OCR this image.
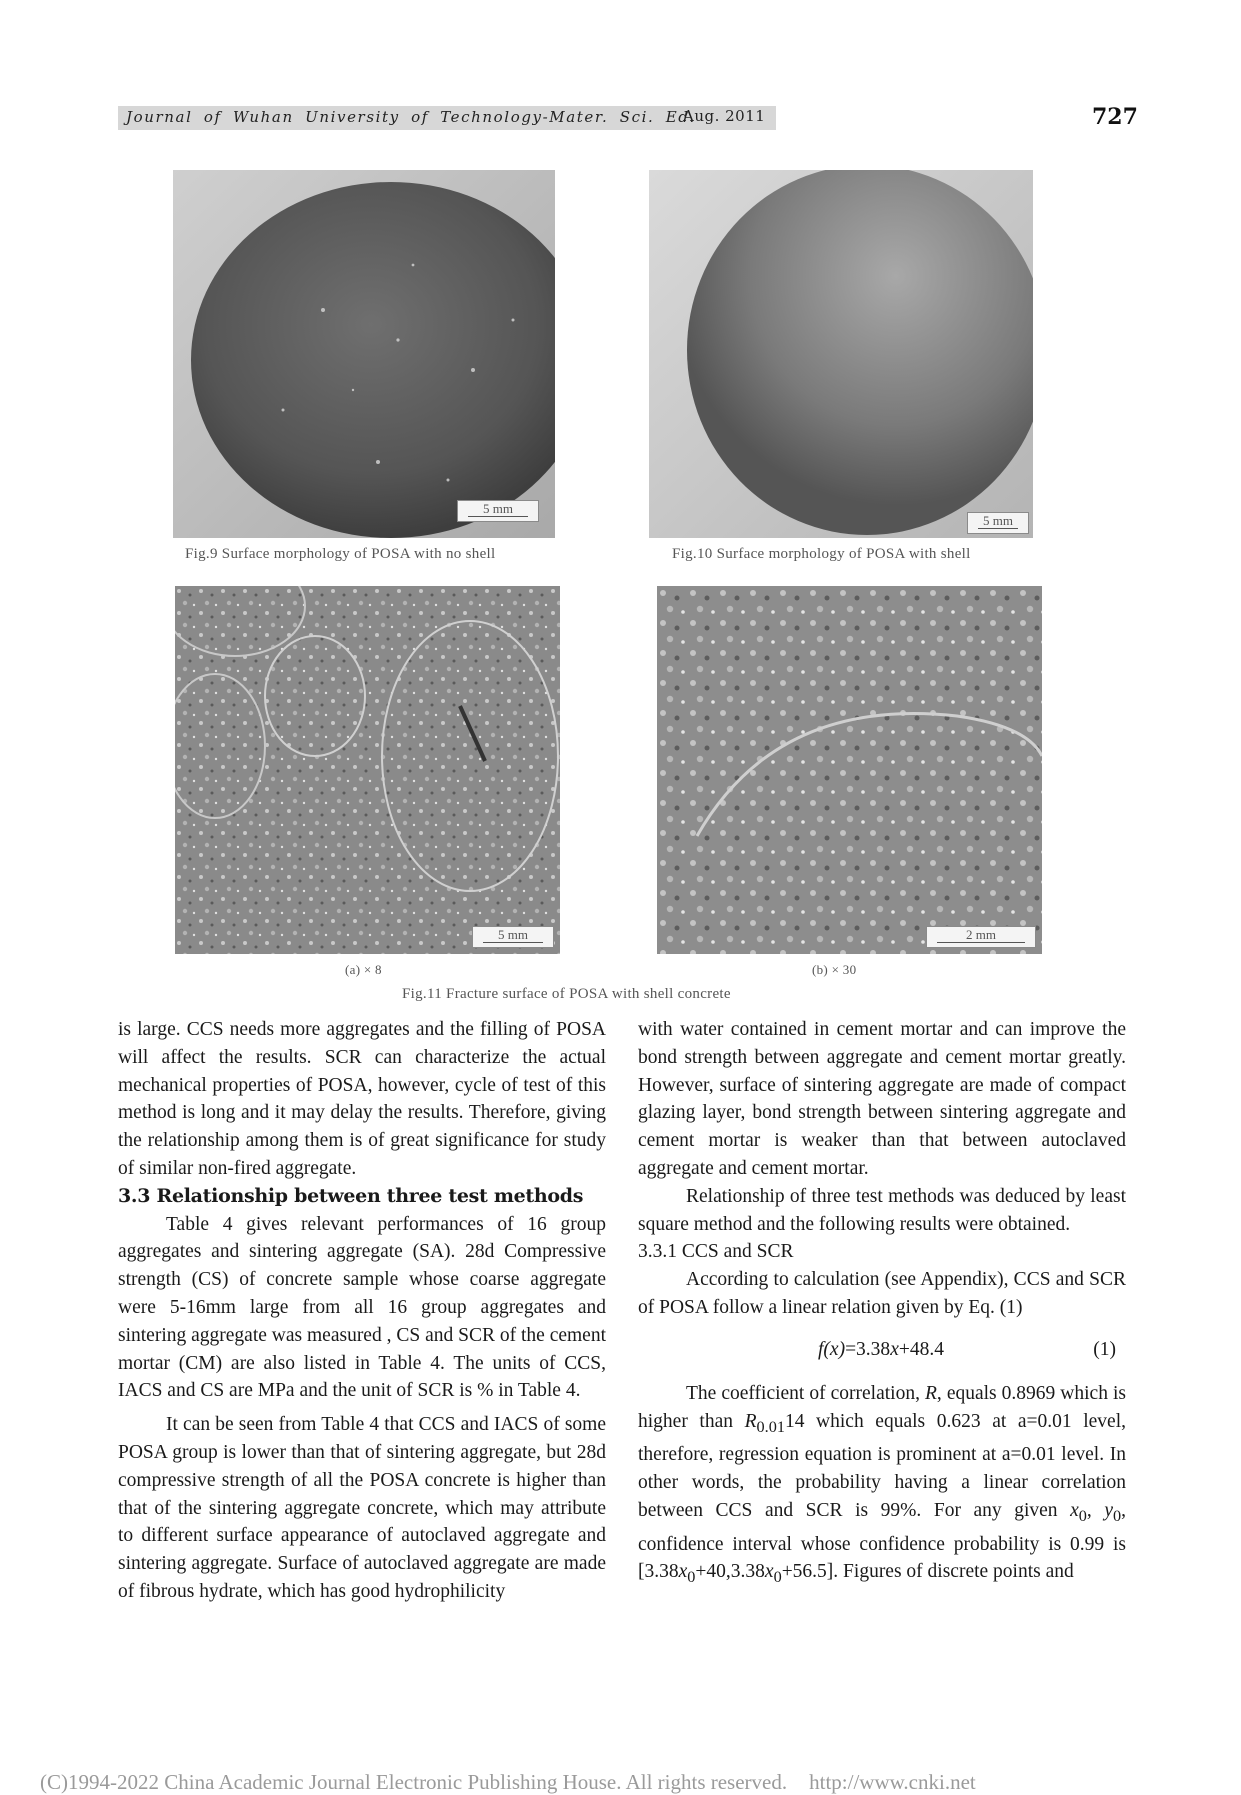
Journal of Wuhan University of Technology-Mater. Sci. Ed.
Aug. 2011	727
5 mm
Fig.9 Surface morphology of POSA with no shell
5 mm
Fig.10 Surface morphology of POSA with shell
5 mm
(a) × 8
2 mm
(b) × 30
Fig.11 Fracture surface of POSA with shell concrete

is large. CCS needs more aggregates and the filling of POSA will affect the results. SCR can characterize the actual mechanical properties of POSA, however, cycle of test of this method is long and it may delay the results. Therefore, giving the relationship among them is of great significance for study of similar non-fired aggregate.

3.3 Relationship between three test methods

Table 4 gives relevant performances of 16 group aggregates and sintering aggregate (SA). 28d Compressive strength (CS) of concrete sample whose coarse aggregate were 5-16mm large from all 16 group aggregates and sintering aggregate was measured , CS and SCR of the cement mortar (CM) are also listed in Table 4. The units of CCS, IACS and CS are MPa and the unit of SCR is % in Table 4.

It can be seen from Table 4 that CCS and IACS of some POSA group is lower than that of sintering aggregate, but 28d compressive strength of all the POSA concrete is higher than that of the sintering aggregate concrete, which may attribute to different surface appearance of autoclaved aggregate and sintering aggregate. Surface of autoclaved aggregate are made of fibrous hydrate, which has good hydrophilicity

with water contained in cement mortar and can improve the bond strength between aggregate and cement mortar greatly. However, surface of sintering aggregate are made of compact glazing layer, bond strength between sintering aggregate and cement mortar is weaker than that between autoclaved aggregate and cement mortar.

Relationship of three test methods was deduced by least square method and the following results were obtained.

3.3.1 CCS and SCR

According to calculation (see Appendix), CCS and SCR of POSA follow a linear relation given by Eq. (1)

f(x)=3.38x+48.4	(1)

The coefficient of correlation, R, equals 0.8969 which is higher than $R_{0.01}14$ which equals 0.623 at a=0.01 level, therefore, regression equation is prominent at a=0.01 level. In other words, the probability having a linear correlation between CCS and SCR is 99%. For any given $x_0$, $y_0$, confidence interval whose confidence probability is 0.99 is $[3.38x_0+40,3.38x_0+56.5]$. Figures of discrete points and

(C)1994-2022 China Academic Journal Electronic Publishing House. All rights reserved. http://www.cnki.net
